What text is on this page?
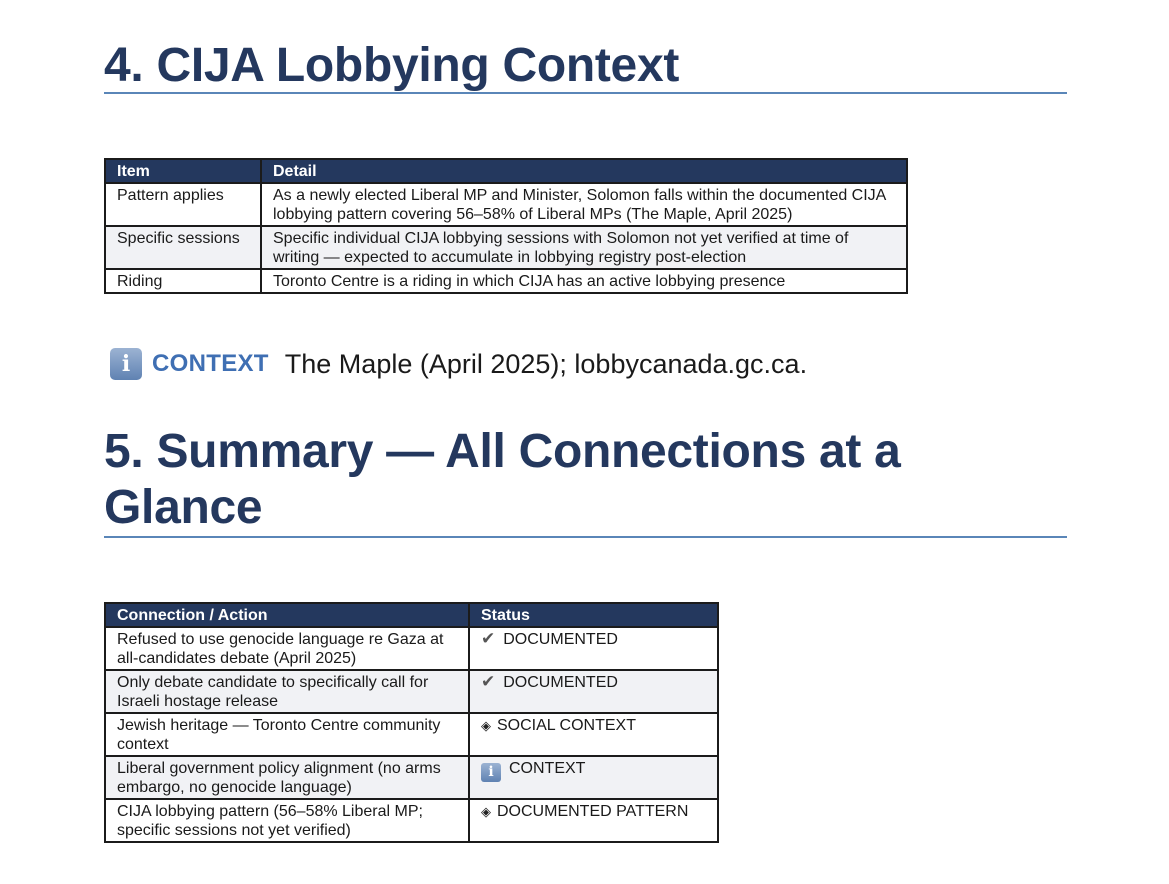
4. CIJA Lobbying Context
Item	Detail
Pattern applies	As a newly elected Liberal MP and Minister, Solomon falls within the documented CIJA lobbying pattern covering 56–58% of Liberal MPs (The Maple, April 2025)
Specific sessions	Specific individual CIJA lobbying sessions with Solomon not yet verified at time of writing — expected to accumulate in lobbying registry post-election
Riding	Toronto Centre is a riding in which CIJA has an active lobbying presence
i CONTEXT The Maple (April 2025); lobbycanada.gc.ca.
5. Summary — All Connections at a Glance
Connection / Action	Status
Refused to use genocide language re Gaza at all-candidates debate (April 2025)	✔ DOCUMENTED
Only debate candidate to specifically call for Israeli hostage release	✔ DOCUMENTED
Jewish heritage — Toronto Centre community context	◈ SOCIAL CONTEXT
Liberal government policy alignment (no arms embargo, no genocide language)	i CONTEXT
CIJA lobbying pattern (56–58% Liberal MP; specific sessions not yet verified)	◈ DOCUMENTED PATTERN
